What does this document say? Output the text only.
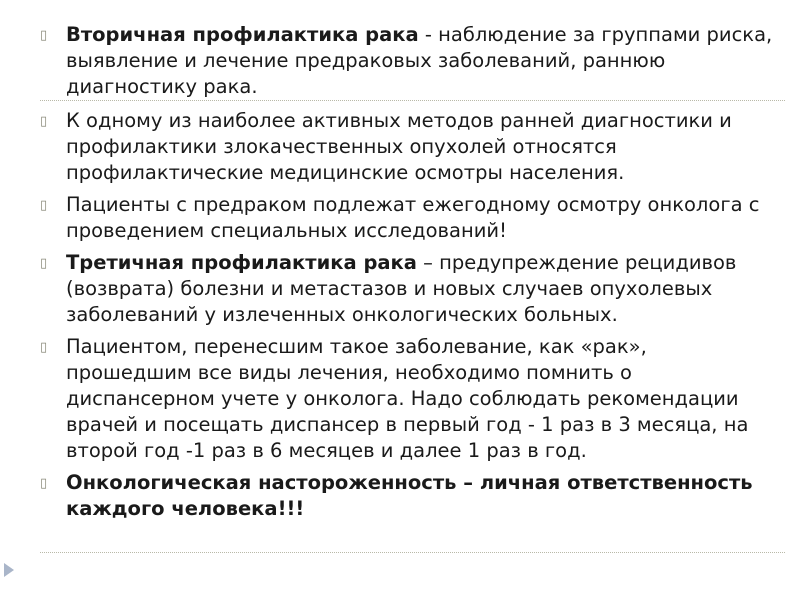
▯ Вторичная профилактика рака - наблюдение за группами риска, выявление и лечение предраковых заболеваний, раннюю диагностику рака.
▯ К одному из наиболее активных методов ранней диагностики и профилактики злокачественных опухолей относятся профилактические медицинские осмотры населения.
▯ Пациенты с предраком подлежат ежегодному осмотру онколога с проведением специальных исследований!
▯ Третичная профилактика рака – предупреждение рецидивов (возврата) болезни и метастазов и новых случаев опухолевых заболеваний у излеченных онкологических больных.
▯ Пациентом, перенесшим такое заболевание, как «рак», прошедшим все виды лечения, необходимо помнить о диспансерном учете у онколога. Надо соблюдать рекомендации врачей и посещать диспансер в первый год - 1 раз в 3 месяца, на второй год -1 раз в 6 месяцев и далее 1 раз в год.
▯ Онкологическая настороженность – личная ответственность каждого человека!!!
